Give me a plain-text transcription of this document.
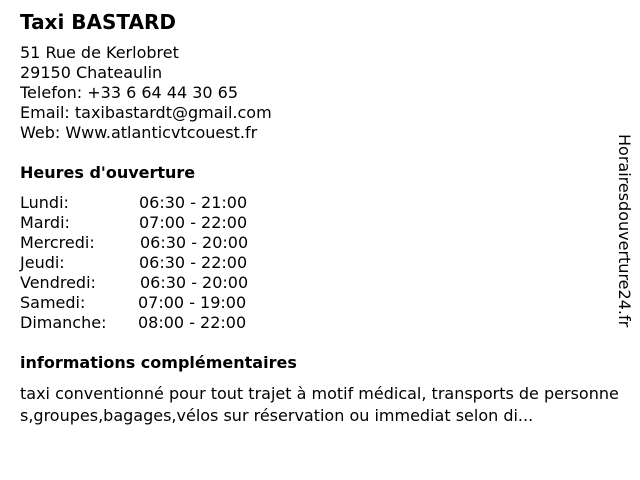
Taxi BASTARD
51 Rue de Kerlobret
29150 Chateaulin
Telefon: +33 6 64 44 30 65
Email: taxibastardt@gmail.com
Web: Www.atlanticvtcouest.fr
Heures d'ouverture
Lundi:	06:30 - 21:00
Mardi:	07:00 - 22:00
Mercredi:	06:30 - 20:00
Jeudi:	06:30 - 22:00
Vendredi:	06:30 - 20:00
Samedi:	07:00 - 19:00
Dimanche: 08:00 - 22:00
informations complémentaires
taxi conventionné pour tout trajet à motif médical, transports de personnes,groupes,bagages,vélos sur réservation ou immediat selon di...
Horairesdouverture24.fr
